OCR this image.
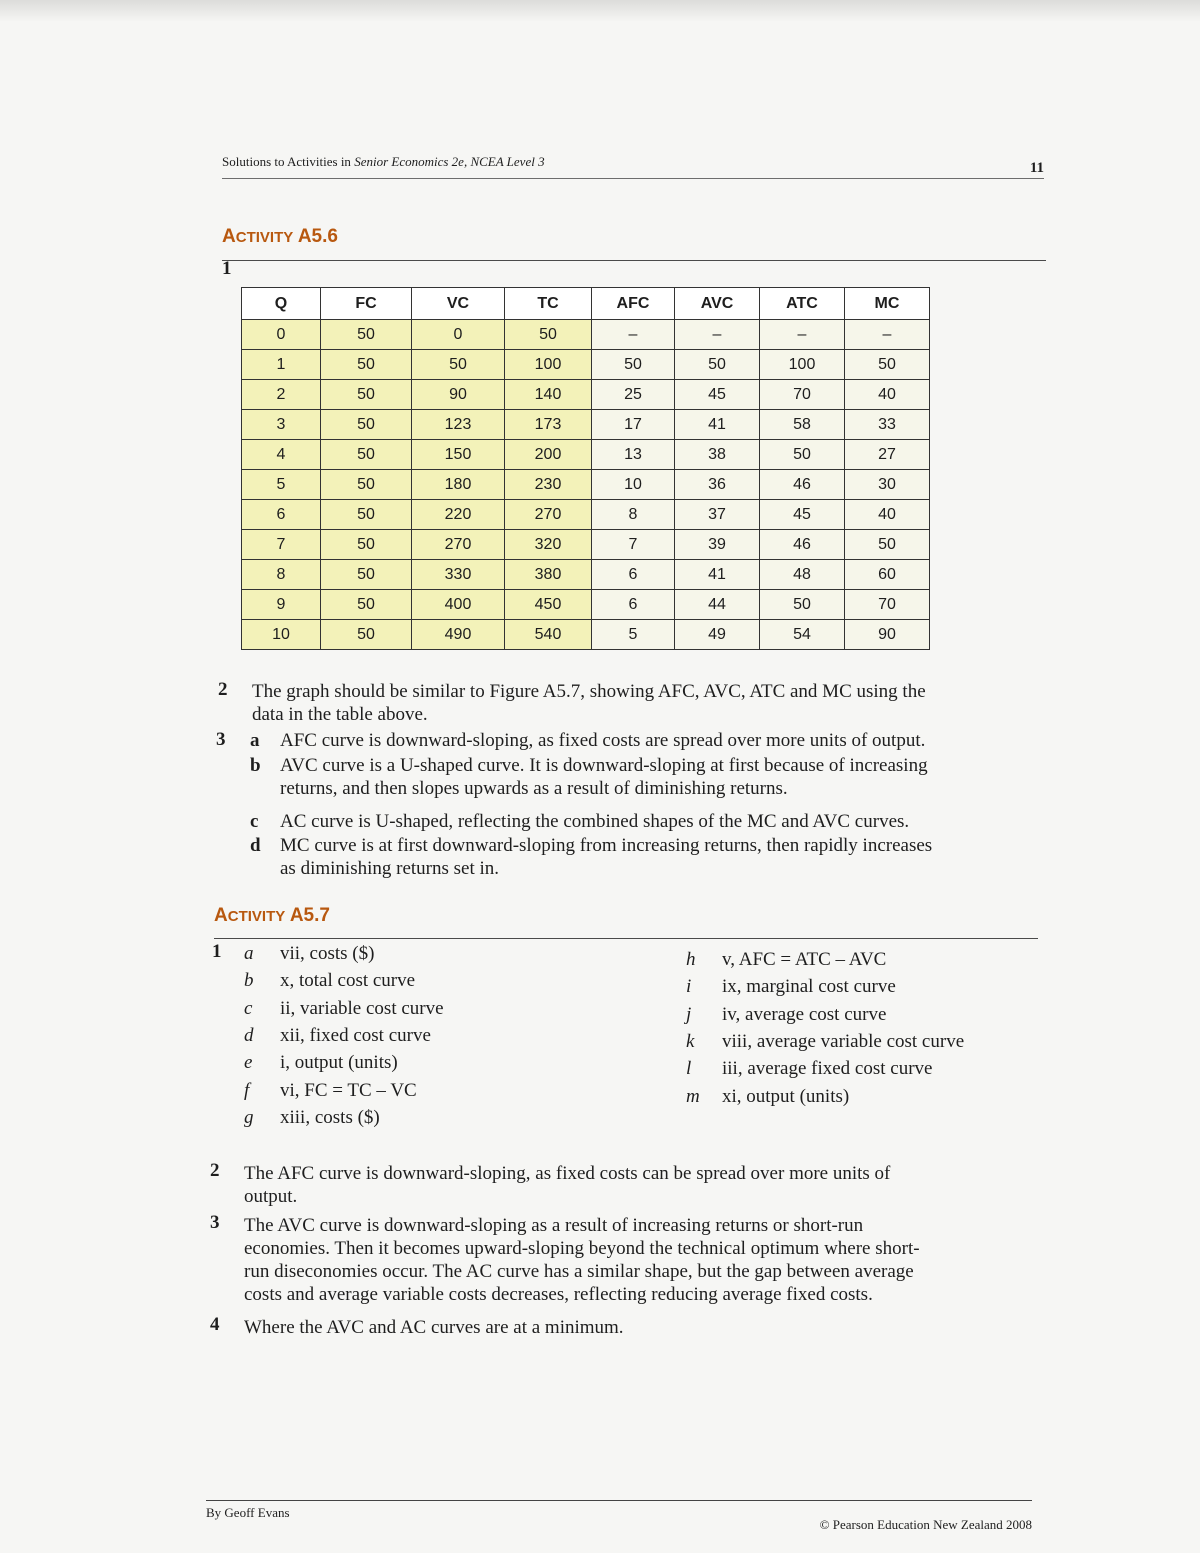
Solutions to Activities in Senior Economics 2e, NCEA Level 3	11
ACTIVITY A5.6
1
Q	FC	VC	TC	AFC	AVC	ATC	MC
0	50	0	50	–	–	–	–
1	50	50	100	50	50	100	50
2	50	90	140	25	45	70	40
3	50	123	173	17	41	58	33
4	50	150	200	13	38	50	27
5	50	180	230	10	36	46	30
6	50	220	270	8	37	45	40
7	50	270	320	7	39	46	50
8	50	330	380	6	41	48	60
9	50	400	450	6	44	50	70
10	50	490	540	5	49	54	90
2 The graph should be similar to Figure A5.7, showing AFC, AVC, ATC and MC using the
data in the table above.
3 a AFC curve is downward-sloping, as fixed costs are spread over more units of output.
b AVC curve is a U-shaped curve. It is downward-sloping at first because of increasing
returns, and then slopes upwards as a result of diminishing returns.
c AC curve is U-shaped, reflecting the combined shapes of the MC and AVC curves.
d MC curve is at first downward-sloping from increasing returns, then rapidly increases
as diminishing returns set in.
ACTIVITY A5.7
1 a vii, costs ($)
b x, total cost curve
c ii, variable cost curve
d xii, fixed cost curve
e i, output (units)
f vi, FC = TC – VC
g xiii, costs ($)
h v, AFC = ATC – AVC
i ix, marginal cost curve
j iv, average cost curve
k viii, average variable cost curve
l iii, average fixed cost curve
m xi, output (units)
2 The AFC curve is downward-sloping, as fixed costs can be spread over more units of
output.
3 The AVC curve is downward-sloping as a result of increasing returns or short-run
economies. Then it becomes upward-sloping beyond the technical optimum where short-
run diseconomies occur. The AC curve has a similar shape, but the gap between average
costs and average variable costs decreases, reflecting reducing average fixed costs.
4 Where the AVC and AC curves are at a minimum.
By Geoff Evans
© Pearson Education New Zealand 2008
